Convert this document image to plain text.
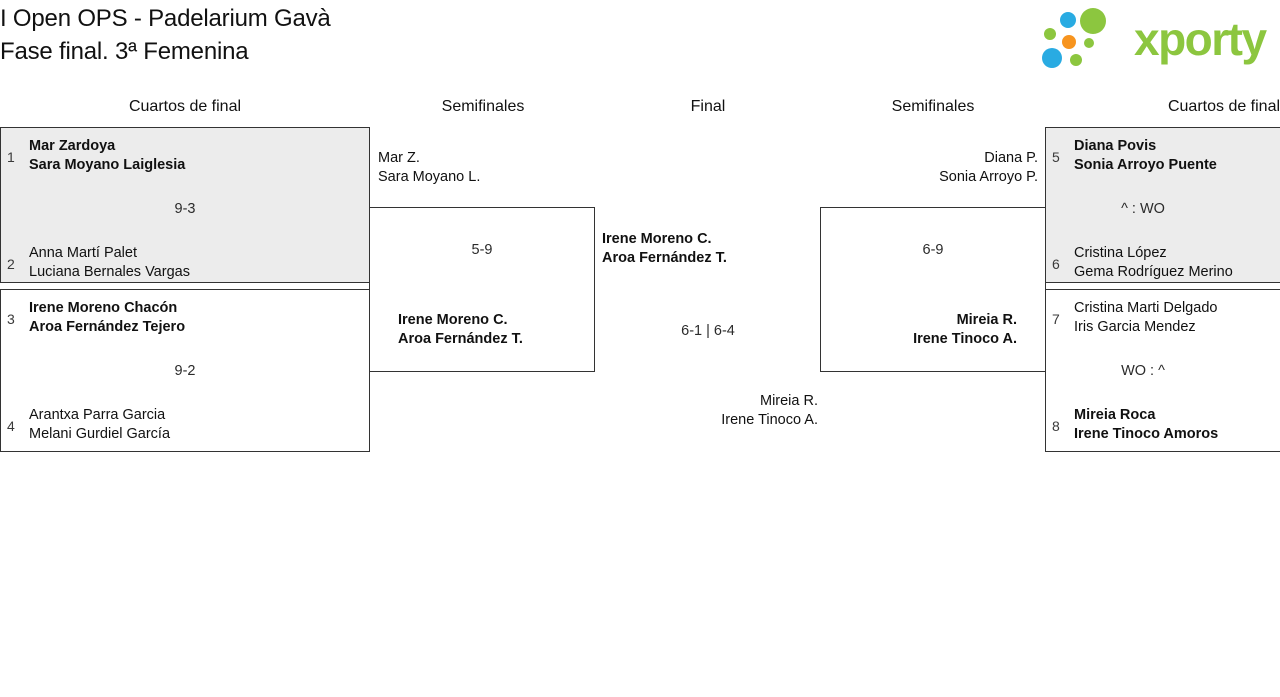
I Open OPS - Padelarium Gavà
Fase final. 3ª Femenina	xporty
Cuartos de final	Semifinales	Final	Semifinales	Cuartos de final
1
Mar Zardoya
Sara Moyano Laiglesia
9-3
2
Anna Martí Palet
Luciana Bernales Vargas
3
Irene Moreno Chacón
Aroa Fernández Tejero
9-2
4
Arantxa Parra Garcia
Melani Gurdiel García
Mar Z.
Sara Moyano L.
5-9
Irene Moreno C.
Aroa Fernández T.
Irene Moreno C.
Aroa Fernández T.
6-1 | 6-4
Mireia R.
Irene Tinoco A.
Diana P.
Sonia Arroyo P.
6-9
Mireia R.
Irene Tinoco A.
5
Diana Povis
Sonia Arroyo Puente
^ : WO
6
Cristina López
Gema Rodríguez Merino
7
Cristina Marti Delgado
Iris Garcia Mendez
WO : ^
8
Mireia Roca
Irene Tinoco Amoros
